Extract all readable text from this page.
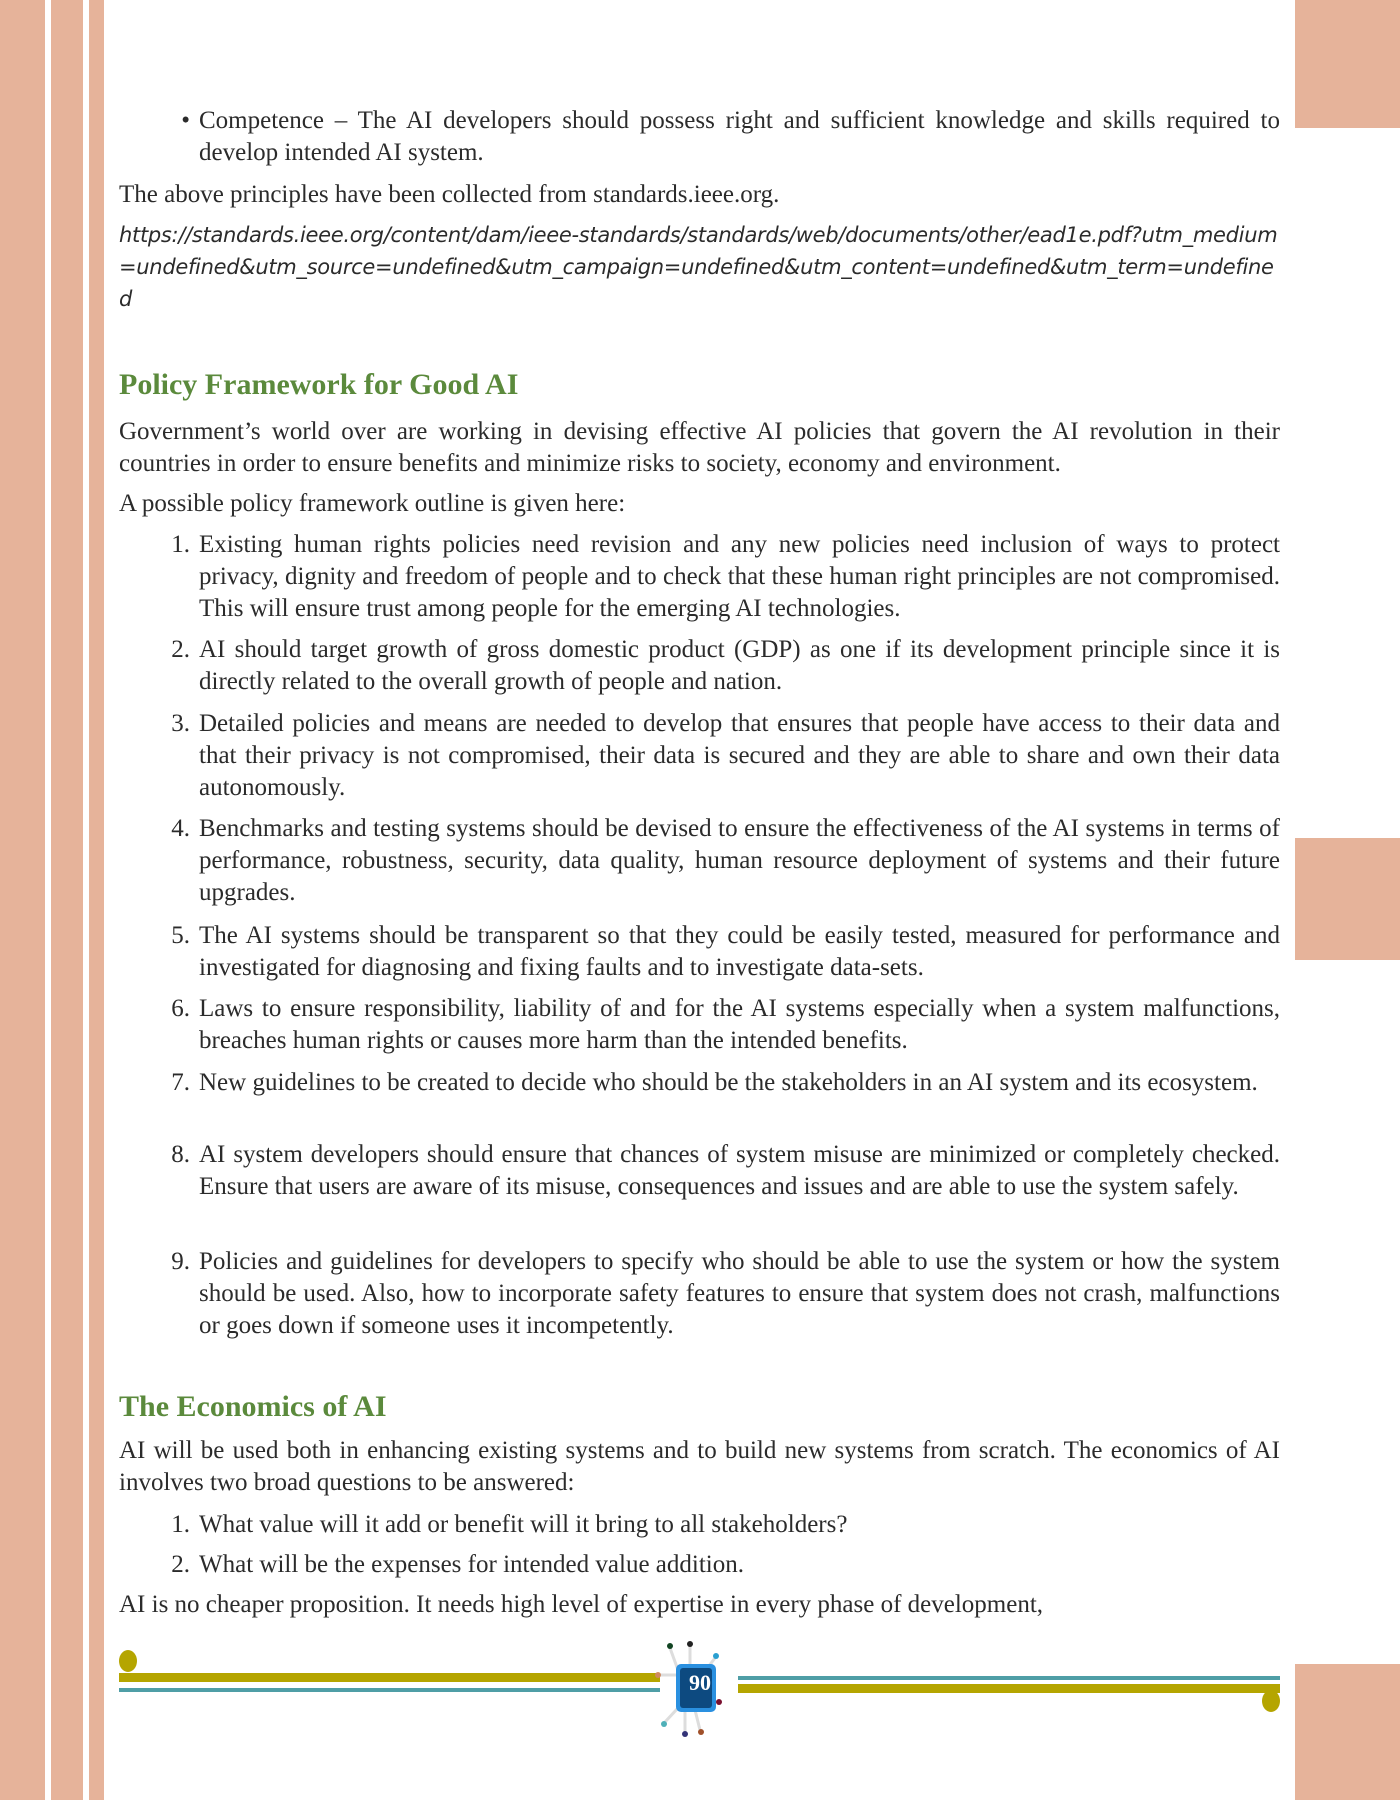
• Competence – The AI developers should possess right and sufficient knowledge and skills required to develop intended AI system.
The above principles have been collected from standards.ieee.org.
https://standards.ieee.org/content/dam/ieee-standards/standards/web/documents/other/ead1e.pdf?utm_medium=undefined&utm_source=undefined&utm_campaign=undefined&utm_content=undefined&utm_term=undefined
Policy Framework for Good AI
Government’s world over are working in devising effective AI policies that govern the AI revolution in their countries in order to ensure benefits and minimize risks to society, economy and environment.
A possible policy framework outline is given here:
1. Existing human rights policies need revision and any new policies need inclusion of ways to protect privacy, dignity and freedom of people and to check that these human right principles are not compromised. This will ensure trust among people for the emerging AI technologies.
2. AI should target growth of gross domestic product (GDP) as one if its development principle since it is directly related to the overall growth of people and nation.
3. Detailed policies and means are needed to develop that ensures that people have access to their data and that their privacy is not compromised, their data is secured and they are able to share and own their data autonomously.
4. Benchmarks and testing systems should be devised to ensure the effectiveness of the AI systems in terms of performance, robustness, security, data quality, human resource deployment of systems and their future upgrades.
5. The AI systems should be transparent so that they could be easily tested, measured for performance and investigated for diagnosing and fixing faults and to investigate data-sets.
6. Laws to ensure responsibility, liability of and for the AI systems especially when a system malfunctions, breaches human rights or causes more harm than the intended benefits.
7. New guidelines to be created to decide who should be the stakeholders in an AI system and its ecosystem.
8. AI system developers should ensure that chances of system misuse are minimized or completely checked. Ensure that users are aware of its misuse, consequences and issues and are able to use the system safely.
9. Policies and guidelines for developers to specify who should be able to use the system or how the system should be used. Also, how to incorporate safety features to ensure that system does not crash, malfunctions or goes down if someone uses it incompetently.
The Economics of AI
AI will be used both in enhancing existing systems and to build new systems from scratch. The economics of AI involves two broad questions to be answered:
1. What value will it add or benefit will it bring to all stakeholders?
2. What will be the expenses for intended value addition.
AI is no cheaper proposition. It needs high level of expertise in every phase of development,
90
